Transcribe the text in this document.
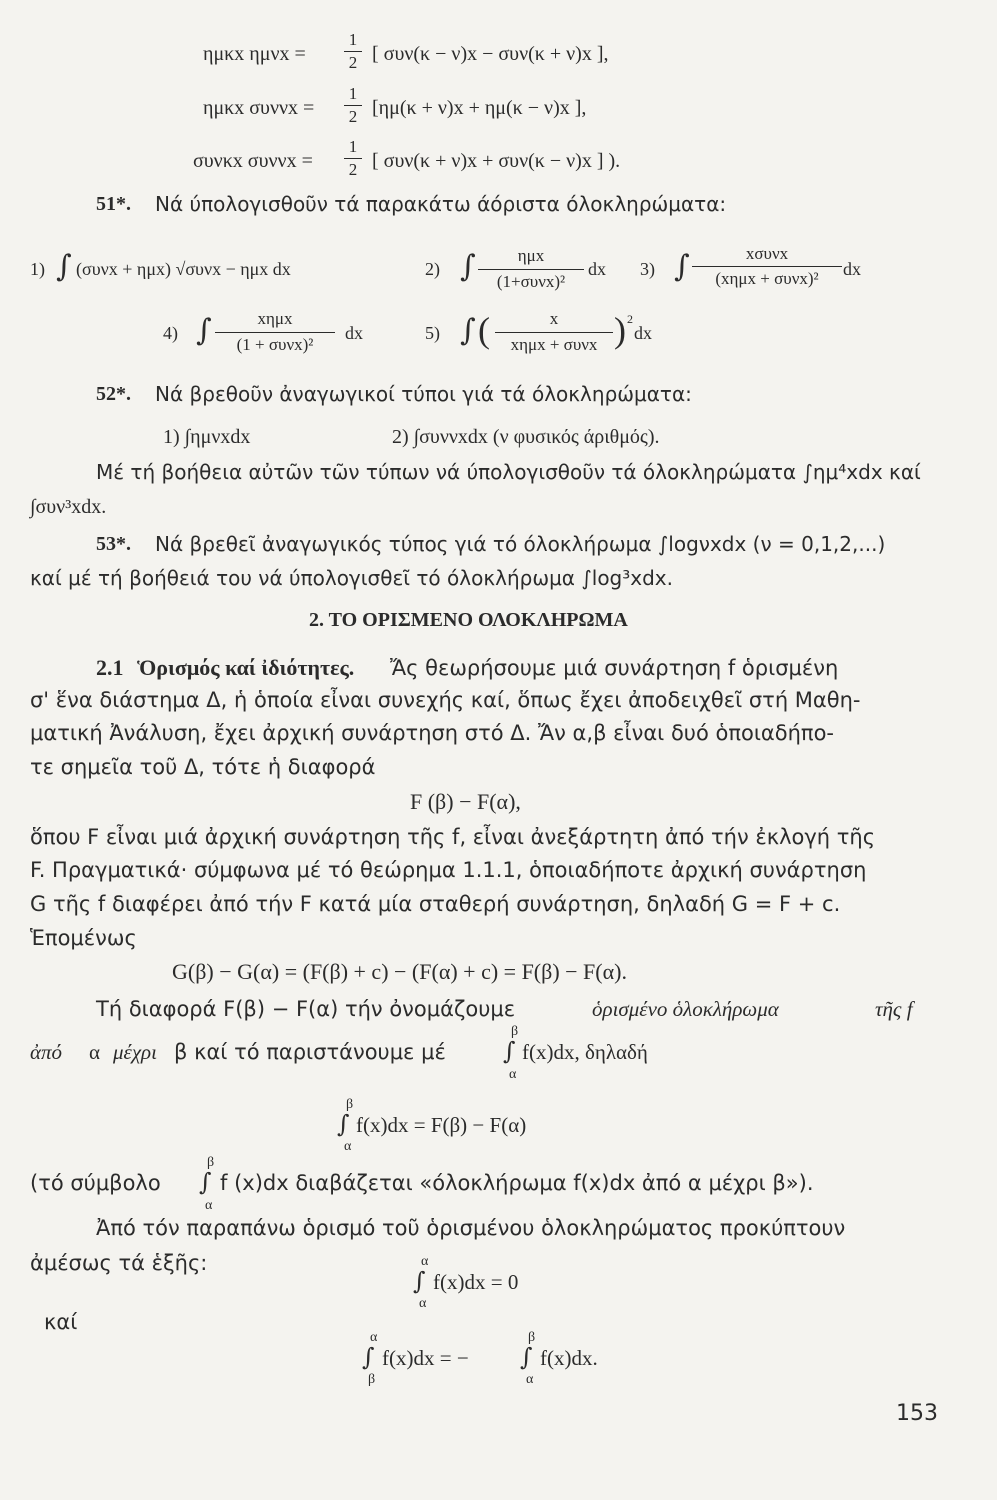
ημκx ημνx =
1
2 [ συν(κ − ν)x − συν(κ + ν)x ],
ημκx συννx =
1
2 [ημ(κ + ν)x + ημ(κ − ν)x ],
συνκx συννx =
1
2 [ συν(κ + ν)x + συν(κ − ν)x ] ).
51*. Νά ύπολογισθοῦν τά παρακάτω άόριστα όλοκληρώματα:
1) ∫ (συνx + ημx) √συνx − ημx dx	2) ∫	ημx
(1+συνx)²
dx 3) ∫	xσυνx
(xημx + συνx)²	dx
4) ∫	xημx
(1 + συνx)²
dx	5) ∫ (	x
xημx + συνx ) 2
dx
52*. Νά βρεθοῦν ἀναγωγικοί τύποι γιά τά όλοκληρώματα:
1) ∫ημνxdx	2) ∫συννxdx (ν φυσικός άριθμός).
Μέ τή βοήθεια αὐτῶν τῶν τύπων νά ύπολογισθοῦν τά όλοκληρώματα ∫ημ⁴xdx καί
∫συν³xdx.
53*. Νά βρεθεῖ ἀναγωγικός τύπος γιά τό όλοκλήρωμα ∫logνxdx (ν = 0,1,2,...)
καί μέ τή βοήθειά του νά ύπολογισθεῖ τό όλοκλήρωμα ∫log³xdx.
2. ΤΟ ΟΡΙΣΜΕΝΟ ΟΛΟΚΛΗΡΩΜΑ
2.1 Ὁρισμός καί ἰδιότητες. Ἄς θεωρήσουμε μιά συνάρτηση f ὁρισμένη
σ' ἕνα διάστημα Δ, ἡ ὁποία εἶναι συνεχής καί, ὅπως ἔχει ἀποδειχθεῖ στή Μαθη-
ματική Ἀνάλυση, ἔχει ἀρχική συνάρτηση στό Δ. Ἄν α,β εἶναι δυό ὁποιαδήπο-
τε σημεῖα τοῦ Δ, τότε ἡ διαφορά
F (β) − F(α),
ὅπου F εἶναι μιά ἀρχική συνάρτηση τῆς f, εἶναι ἀνεξάρτητη ἀπό τήν ἐκλογή τῆς
F. Πραγματικά· σύμφωνα μέ τό θεώρημα 1.1.1, ὁποιαδήποτε ἀρχική συνάρτηση
G τῆς f διαφέρει ἀπό τήν F κατά μία σταθερή συνάρτηση, δηλαδή G = F + c.
Ἑπομένως
G(β) − G(α) = (F(β) + c) − (F(α) + c) = F(β) − F(α).
Τή διαφορά F(β) − F(α) τήν ὀνομάζουμε	ὁρισμένο ὁλοκλήρωμα	τῆς f
ἀπό α μέχρι β καί τό παριστάνουμε μέ
β
∫
α
f(x)dx, δηλαδή
β
∫
α
f(x)dx = F(β) − F(α)
(τό σύμβολο
β
∫
α
f (x)dx διαβάζεται «όλοκλήρωμα f(x)dx ἀπό α μέχρι β»).
Ἀπό τόν παραπάνω ὁρισμό τοῦ ὁρισμένου ὁλοκληρώματος προκύπτουν
ἀμέσως τά ἑξῆς:	α
∫
α
f(x)dx = 0
καί
α
∫
β
f(x)dx = −
β
∫
α
f(x)dx.
153
